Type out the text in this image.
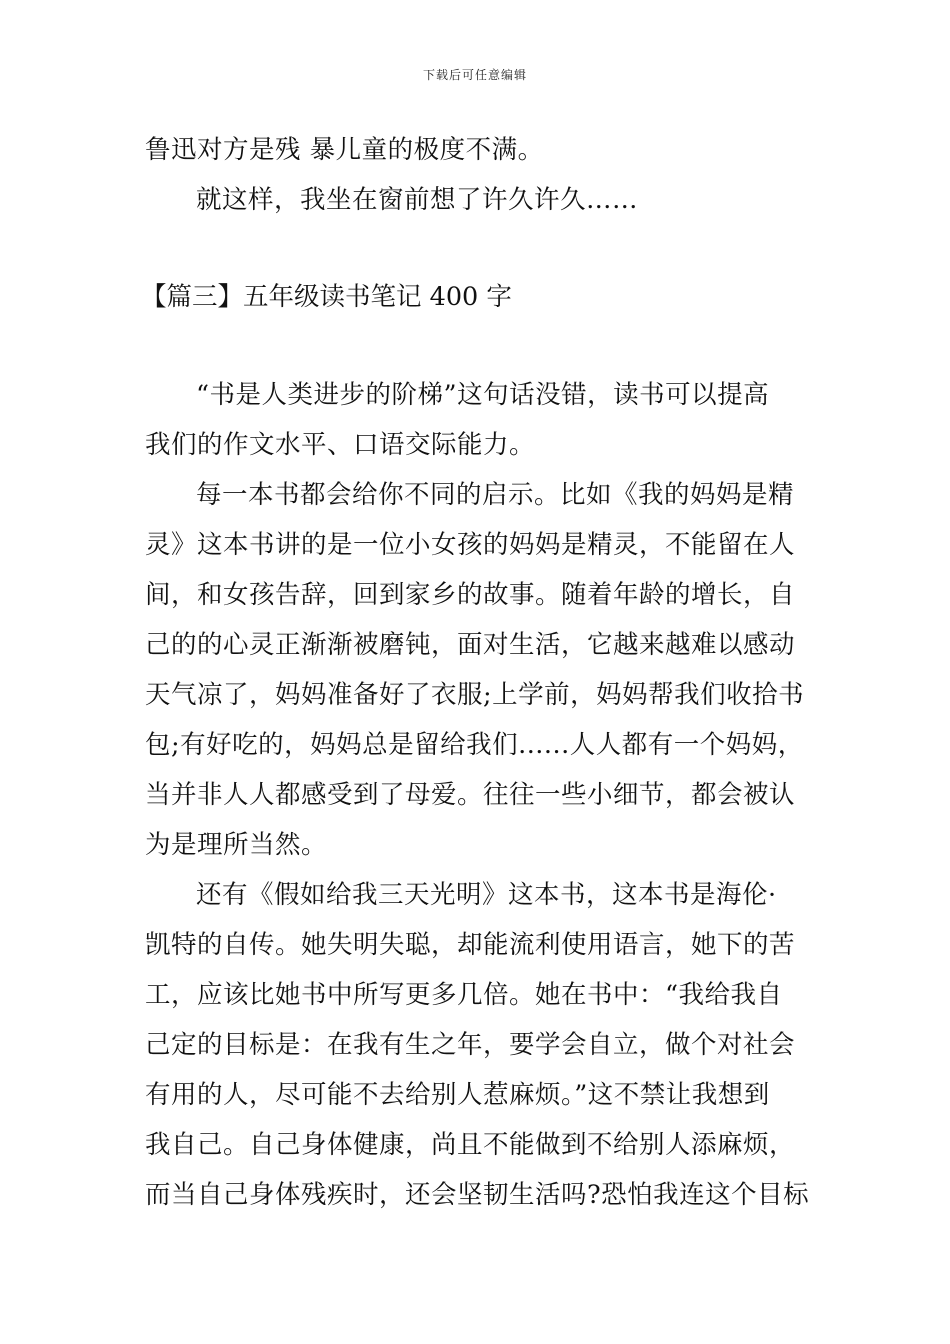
下载后可任意编辑
鲁迅对方是残 暴儿童的极度不满。
就这样，我坐在窗前想了许久许久……
【篇三】五年级读书笔记 400 字
“书是人类进步的阶梯”这句话没错，读书可以提高
我们的作文水平、口语交际能力。
每一本书都会给你不同的启示。比如《我的妈妈是精
灵》这本书讲的是一位小女孩的妈妈是精灵，不能留在人
间，和女孩告辞，回到家乡的故事。随着年龄的增长，自
己的的心灵正渐渐被磨钝，面对生活，它越来越难以感动
天气凉了，妈妈准备好了衣服;上学前，妈妈帮我们收拾书
包;有好吃的，妈妈总是留给我们......人人都有一个妈妈，
当并非人人都感受到了母爱。往往一些小细节，都会被认
为是理所当然。
还有《假如给我三天光明》这本书，这本书是海伦·
凯特的自传。她失明失聪，却能流利使用语言，她下的苦
工，应该比她书中所写更多几倍。她在书中：“我给我自
己定的目标是：在我有生之年，要学会自立，做个对社会
有用的人，尽可能不去给别人惹麻烦。”这不禁让我想到
我自己。自己身体健康，尚且不能做到不给别人添麻烦，
而当自己身体残疾时，还会坚韧生活吗?恐怕我连这个目标
